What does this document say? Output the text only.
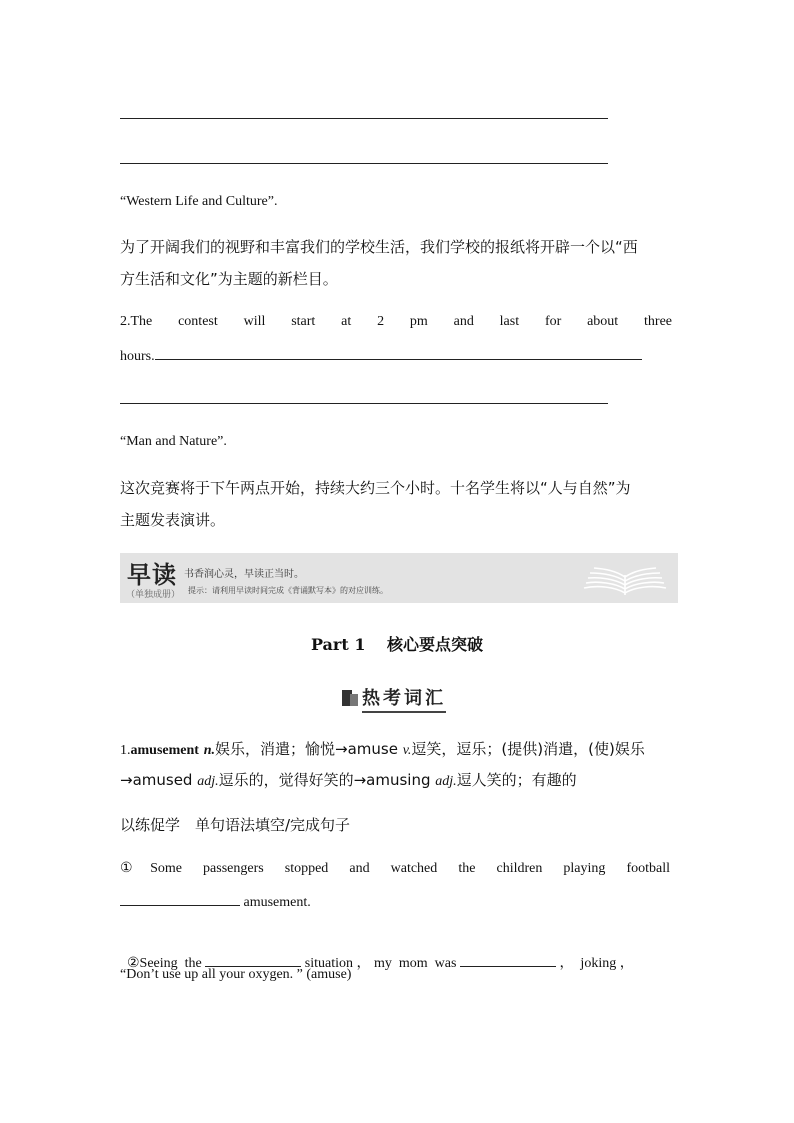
“Western Life and Culture”.
为了开阔我们的视野和丰富我们的学校生活，我们学校的报纸将开辟一个以“西
方生活和文化”为主题的新栏目。
2.The contest will start at 2 pm and last for about three
hours.
“Man and Nature”.
这次竞赛将于下午两点开始，持续大约三个小时。十名学生将以“人与自然”为
主题发表演讲。
早读 书香润心灵，早读正当时。
（单独成册） 提示：请利用早读时间完成《背诵默写本》的对应训练。
Part 1　 核心要点突破
热考词汇
1.amusement n.娱乐，消遣；愉悦→amuse v.逗笑，逗乐；(提供)消遣，(使)娱乐
→amused adj.逗乐的，觉得好笑的→amusing adj.逗人笑的；有趣的
以练促学　单句语法填空/完成句子
①Some passengers stopped and watched the children playing football
amusement.

②Seeing  the	situation ， my  mom  was	，  joking ，

“Don’t use up all your oxygen. ” (amuse)
